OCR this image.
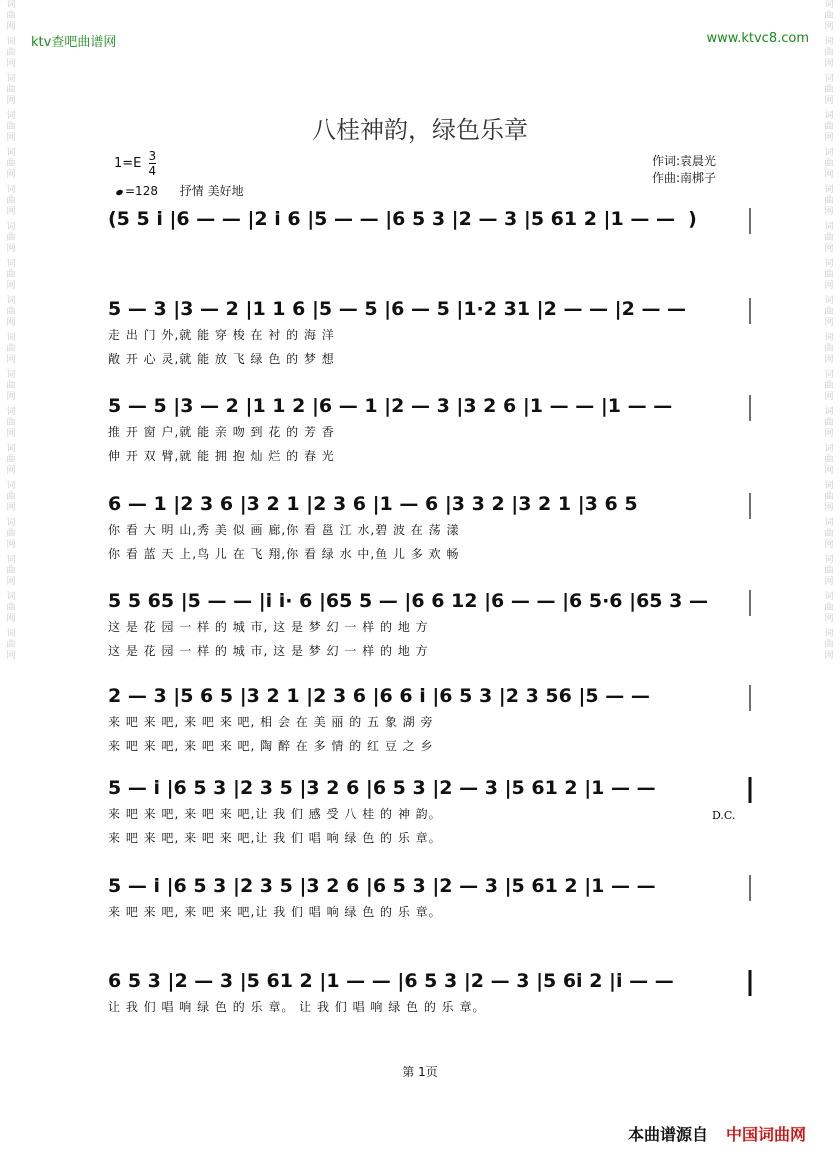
词
曲
网
词
曲
网
词
曲
网
词
曲
网
词
曲
网
词
曲
网
词
曲
网
词
曲
网
词
曲
网
词
曲
网
词
曲
网
词
曲
网
词
曲
网
词
曲
网
词
曲
网
词
曲
网
词
曲
网
词
曲
网
词
曲
网
词
曲
网
词
曲
网
词
曲
网
词
曲
网
词
曲
网
词
曲
网
词
曲
网
词
曲
网
词
曲
网
词
曲
网
词
曲
网
词
曲
网
词
曲
网
词
曲
网
词
曲
网
词
曲
网
词
曲
网
ktv查吧曲谱网	www.ktvc8.com
八桂神韵，绿色乐章
$1=E \frac{3}{4}$
=128 抒情 美好地
作词:袁晨光
作曲:南梆子
(5 5 i |6 — — |2 i 6 |5 — — |6 5 3 |2 — 3 |5 61 2 |1 — —  )
5 — 3 |3 — 2 |1 1 6 |5 — 5 |6 — 5 |1·2 31 |2 — — |2 — —
走 出 门 外,就 能 穿 梭 在 衬 的 海 洋
敞 开 心 灵,就 能 放 飞 绿 色 的 梦 想
5 — 5 |3 — 2 |1 1 2 |6 — 1 |2 — 3 |3 2 6 |1 — — |1 — —
推 开 窗 户,就 能 亲 吻 到 花 的 芳 香
伸 开 双 臂,就 能 拥 抱 灿 烂 的 春 光
6 — 1 |2 3 6 |3 2 1 |2 3 6 |1 — 6 |3 3 2 |3 2 1 |3 6 5
你 看 大 明 山,秀 美 似 画 廊,你 看 邕 江 水,碧 波 在 荡 漾
你 看 蓝 天 上,鸟 儿 在 飞 翔,你 看 绿 水 中,鱼 儿 多 欢 畅
5 5 65 |5 — — |i i· 6 |65 5 — |6 6 12 |6 — — |6 5·6 |65 3 —
这 是 花 园 一 样 的 城 市, 这 是 梦 幻 一 样 的 地 方
这 是 花 园 一 样 的 城 市, 这 是 梦 幻 一 样 的 地 方
2 — 3 |5 6 5 |3 2 1 |2 3 6 |6 6 i |6 5 3 |2 3 56 |5 — —
来 吧 来 吧, 来 吧 来 吧, 相 会 在 美 丽 的 五 象 湖 旁
来 吧 来 吧, 来 吧 来 吧, 陶 醉 在 多 情 的 红 豆 之 乡
5 — i |6 5 3 |2 3 5 |3 2 6 |6 5 3 |2 — 3 |5 61 2 |1 — —
来 吧 来 吧, 来 吧 来 吧,让 我 们 感 受 八 桂 的 神 韵。
来 吧 来 吧, 来 吧 来 吧,让 我 们 唱 响 绿 色 的 乐 章。
D.C.
5 — i |6 5 3 |2 3 5 |3 2 6 |6 5 3 |2 — 3 |5 61 2 |1 — —
来 吧 来 吧, 来 吧 来 吧,让 我 们 唱 响 绿 色 的 乐 章。
6 5 3 |2 — 3 |5 61 2 |1 — — |6 5 3 |2 — 3 |5 6i 2 |i — —
让 我 们 唱 响 绿 色 的 乐 章。 让 我 们 唱 响 绿 色 的 乐 章。
第 1页
本曲谱源自 中国词曲网
